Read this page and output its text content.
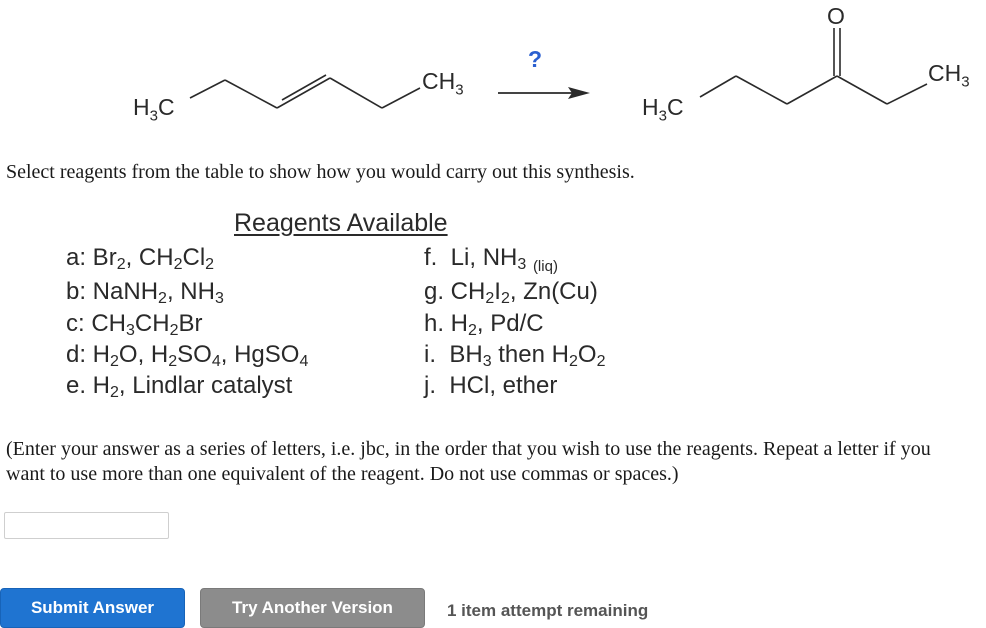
$H_3C$
$CH_3$
?
$H_3C$
$CH_3$
O
Select reagents from the table to show how you would carry out this synthesis.
Reagents Available
a: $Br_2$, $CH_2Cl_2$
b: NaNH$_2$, $NH_3$
c: $CH_3CH_2Br$
d: $H_2O$, $H_2SO_4$, HgSO$_4$
e. $H_2$, Lindlar catalyst
f.  Li, $NH_3$ $_{(liq)}$
g. $CH_2I_2$, Zn(Cu)
h. $H_2$, Pd/C
i.  $BH_3$ then $H_2O_2$
j.  HCl, ether
(Enter your answer as a series of letters, i.e. jbc, in the order that you wish to use the reagents. Repeat a letter if you want to use more than one equivalent of the reagent. Do not use commas or spaces.)
Submit Answer	Try Another Version	1 item attempt remaining
